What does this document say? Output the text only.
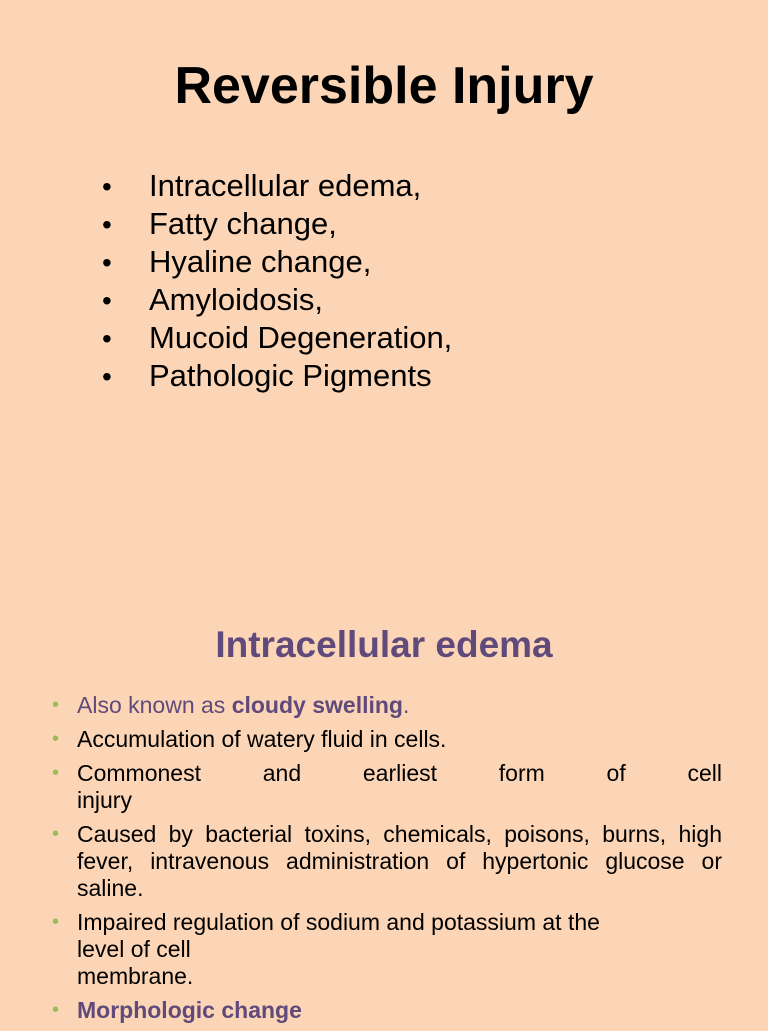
Reversible Injury
•	Intracellular edema,
•	Fatty change,
•	Hyaline change,
•	Amyloidosis,
•	Mucoid Degeneration,
•	Pathologic Pigments
Intracellular edema
• Also known as cloudy swelling.
• Accumulation of watery fluid in cells.
• Commonest and earliest form of cell
injury
• Caused by bacterial toxins, chemicals, poisons, burns, high fever, intravenous administration of hypertonic glucose or saline.
• Impaired regulation of sodium and potassium at the
level of cell
membrane.
• Morphologic change
